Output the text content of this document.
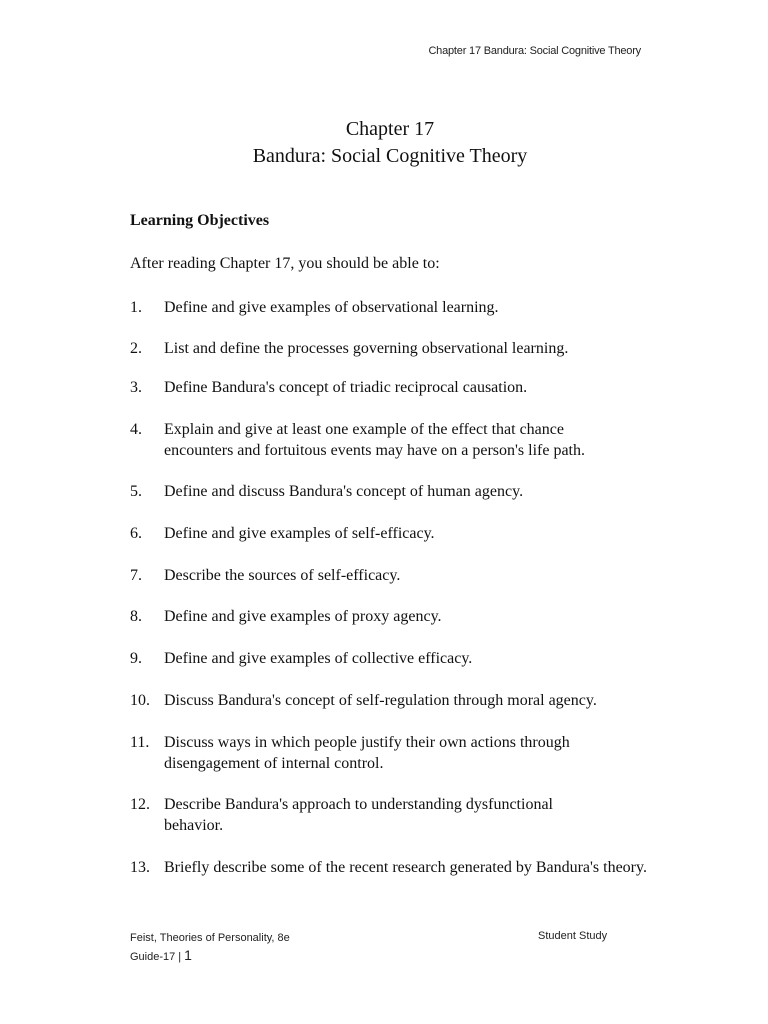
Chapter 17 Bandura: Social Cognitive Theory
Chapter 17
Bandura: Social Cognitive Theory
Learning Objectives
After reading Chapter 17, you should be able to:
1. Define and give examples of observational learning.
2. List and define the processes governing observational learning.
3. Define Bandura's concept of triadic reciprocal causation.
4. Explain and give at least one example of the effect that chance encounters and fortuitous events may have on a person's life path.
5. Define and discuss Bandura's concept of human agency.
6. Define and give examples of self-efficacy.
7. Describe the sources of self-efficacy.
8. Define and give examples of proxy agency.
9. Define and give examples of collective efficacy.
10. Discuss Bandura's concept of self-regulation through moral agency.
11. Discuss ways in which people justify their own actions through disengagement of internal control.
12. Describe Bandura's approach to understanding dysfunctional behavior.
13. Briefly describe some of the recent research generated by Bandura's theory.
Feist, Theories of Personality, 8e
Guide-17 | 1
Student Study
